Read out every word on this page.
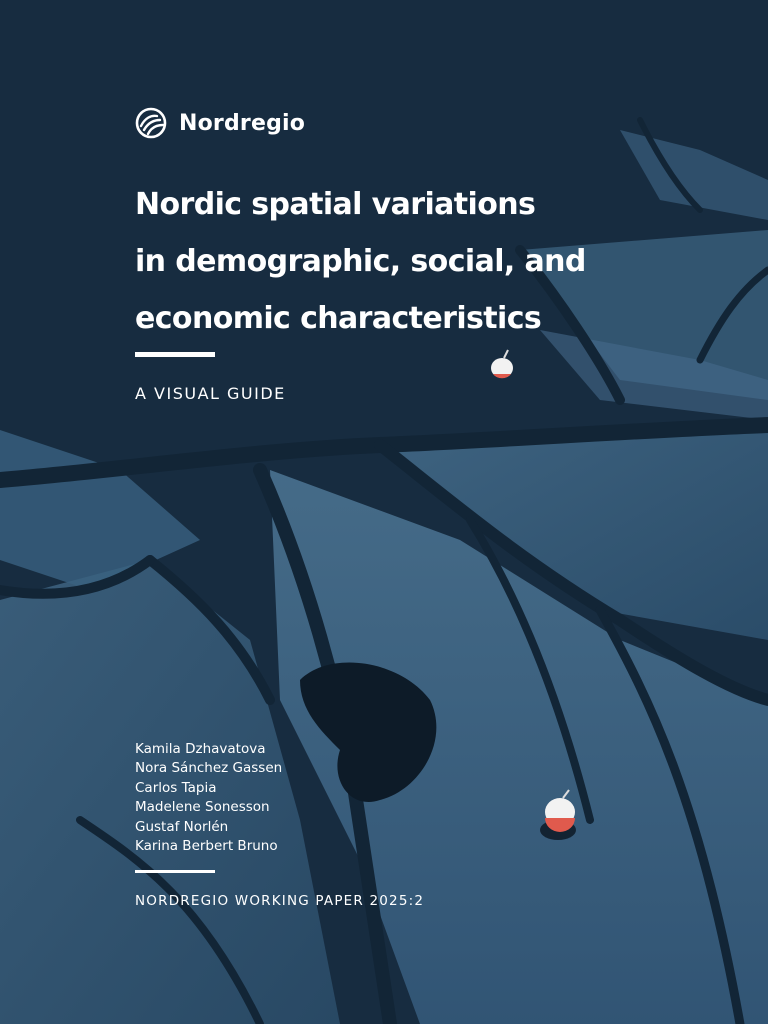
Nordregio
Nordic spatial variations
in demographic, social, and
economic characteristics
A VISUAL GUIDE
Kamila Dzhavatova
Nora Sánchez Gassen
Carlos Tapia
Madelene Sonesson
Gustaf Norlén
Karina Berbert Bruno
NORDREGIO WORKING PAPER 2025:2
